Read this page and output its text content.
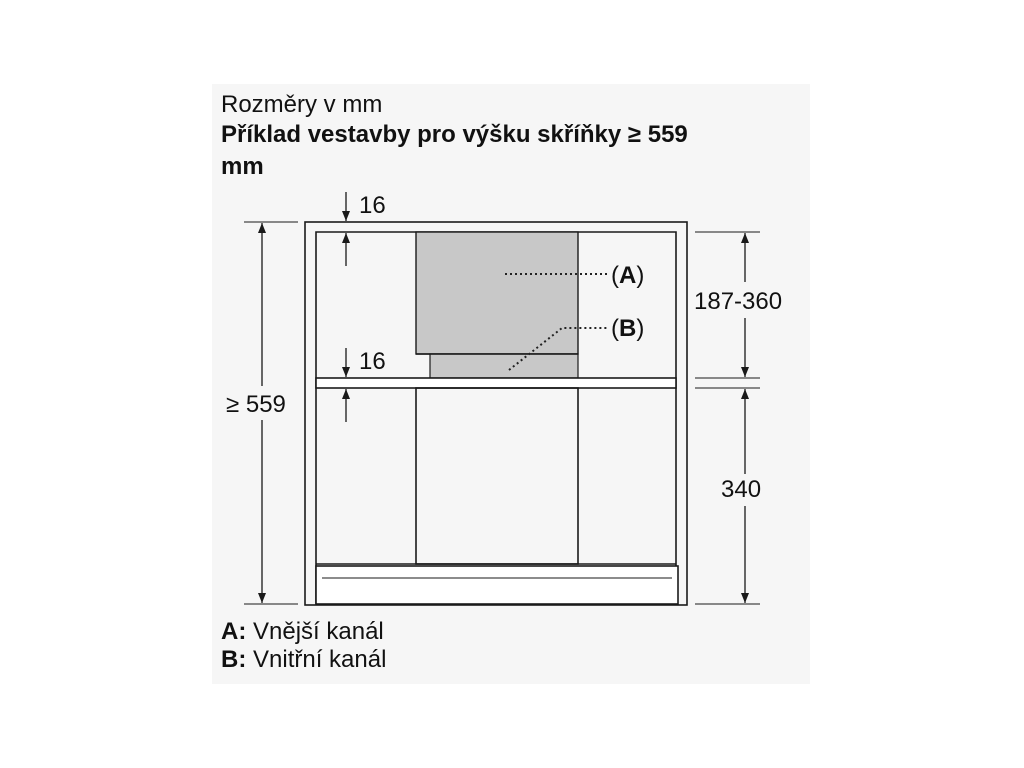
Rozměry v mm

Příklad vestavby pro výšku skříňky ≥ 559

mm

16
16
≥ 559
187-360
340
(A)
(B)
A: Vnější kanál
B: Vnitřní kanál
